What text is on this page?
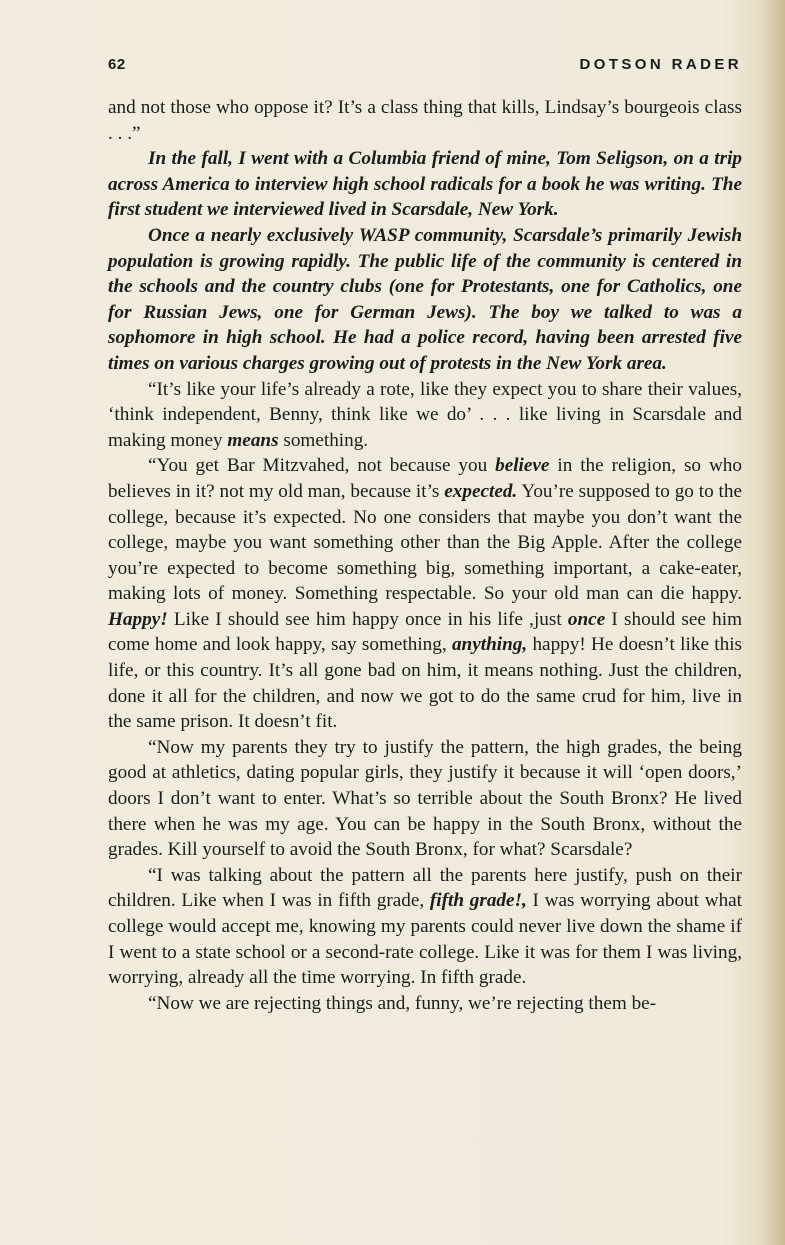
62	DOTSON RADER

and not those who oppose it? It’s a class thing that kills, Lindsay’s bourgeois class . . .”

In the fall, I went with a Columbia friend of mine, Tom Seligson, on a trip across America to interview high school radicals for a book he was writing. The first student we interviewed lived in Scarsdale, New York.

Once a nearly exclusively WASP community, Scarsdale’s primarily Jewish population is growing rapidly. The public life of the community is centered in the schools and the country clubs (one for Protestants, one for Catholics, one for Russian Jews, one for German Jews). The boy we talked to was a sophomore in high school. He had a police record, having been arrested five times on various charges growing out of protests in the New York area.

“It’s like your life’s already a rote, like they expect you to share their values, ‘think independent, Benny, think like we do’ . . . like living in Scarsdale and making money means something.

“You get Bar Mitzvahed, not because you believe in the religion, so who believes in it? not my old man, because it’s expected. You’re supposed to go to the college, because it’s expected. No one considers that maybe you don’t want the college, maybe you want something other than the Big Apple. After the college you’re expected to become something big, something important, a cake-eater, making lots of money. Something respectable. So your old man can die happy. Happy! Like I should see him happy once in his life ,just once I should see him come home and look happy, say something, anything, happy! He doesn’t like this life, or this country. It’s all gone bad on him, it means nothing. Just the children, done it all for the children, and now we got to do the same crud for him, live in the same prison. It doesn’t fit.

“Now my parents they try to justify the pattern, the high grades, the being good at athletics, dating popular girls, they justify it because it will ‘open doors,’ doors I don’t want to enter. What’s so terrible about the South Bronx? He lived there when he was my age. You can be happy in the South Bronx, without the grades. Kill yourself to avoid the South Bronx, for what? Scarsdale?

“I was talking about the pattern all the parents here justify, push on their children. Like when I was in fifth grade, fifth grade!, I was worrying about what college would accept me, knowing my parents could never live down the shame if I went to a state school or a second-rate college. Like it was for them I was living, worrying, already all the time worrying. In fifth grade.

“Now we are rejecting things and, funny, we’re rejecting them be-
